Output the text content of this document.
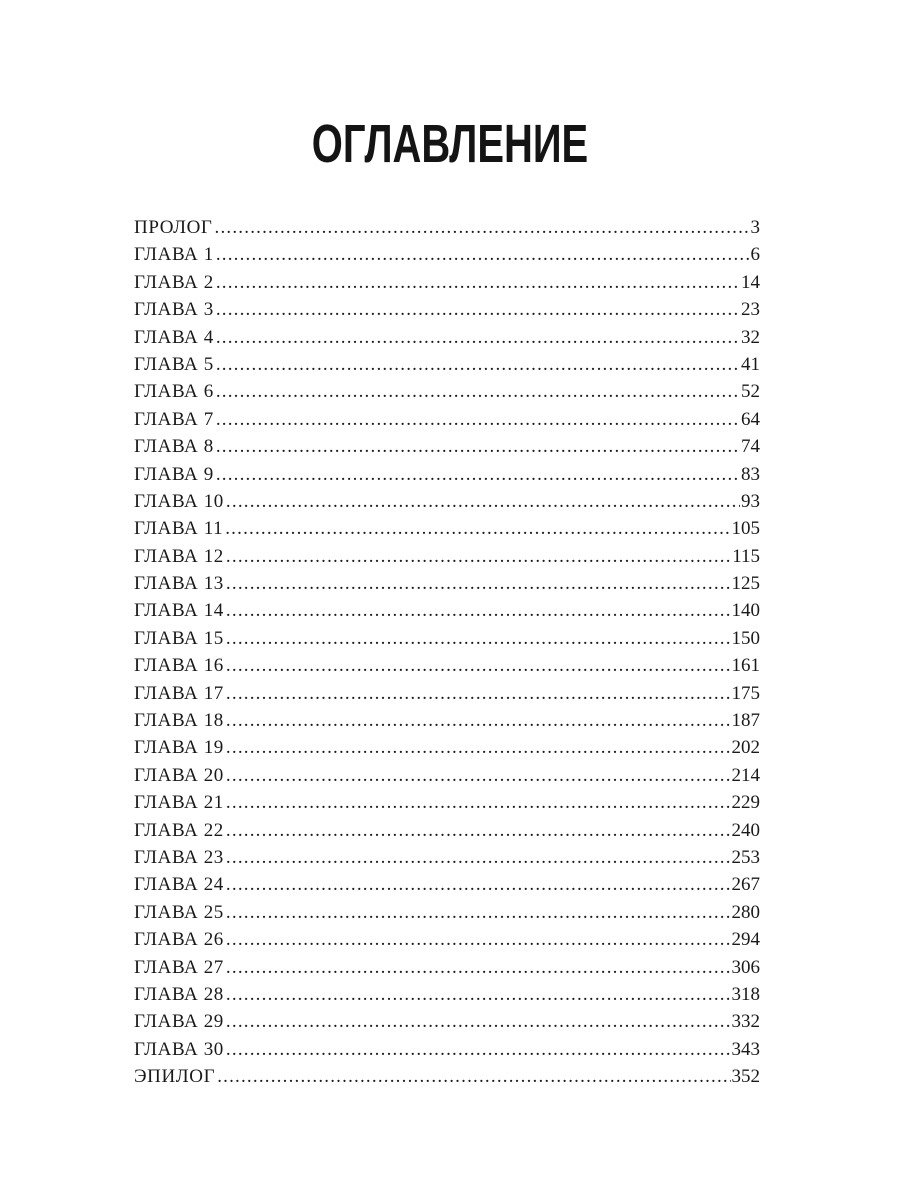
ОГЛАВЛЕНИЕ
ПРОЛОГ .....	3
ГЛАВА 1 .....	6
ГЛАВА 2 .....	14
ГЛАВА 3 .....	23
ГЛАВА 4 .....	32
ГЛАВА 5 .....	41
ГЛАВА 6 .....	52
ГЛАВА 7 .....	64
ГЛАВА 8 .....	74
ГЛАВА 9 .....	83
ГЛАВА 10 .....	93
ГЛАВА 11 .....	105
ГЛАВА 12 .....	115
ГЛАВА 13 .....	125
ГЛАВА 14 .....	140
ГЛАВА 15 .....	150
ГЛАВА 16 .....	161
ГЛАВА 17 .....	175
ГЛАВА 18 .....	187
ГЛАВА 19 .....	202
ГЛАВА 20 .....	214
ГЛАВА 21 .....	229
ГЛАВА 22 .....	240
ГЛАВА 23 .....	253
ГЛАВА 24 .....	267
ГЛАВА 25 .....	280
ГЛАВА 26 .....	294
ГЛАВА 27 .....	306
ГЛАВА 28 .....	318
ГЛАВА 29 .....	332
ГЛАВА 30 .....	343
ЭПИЛОГ .....	352
